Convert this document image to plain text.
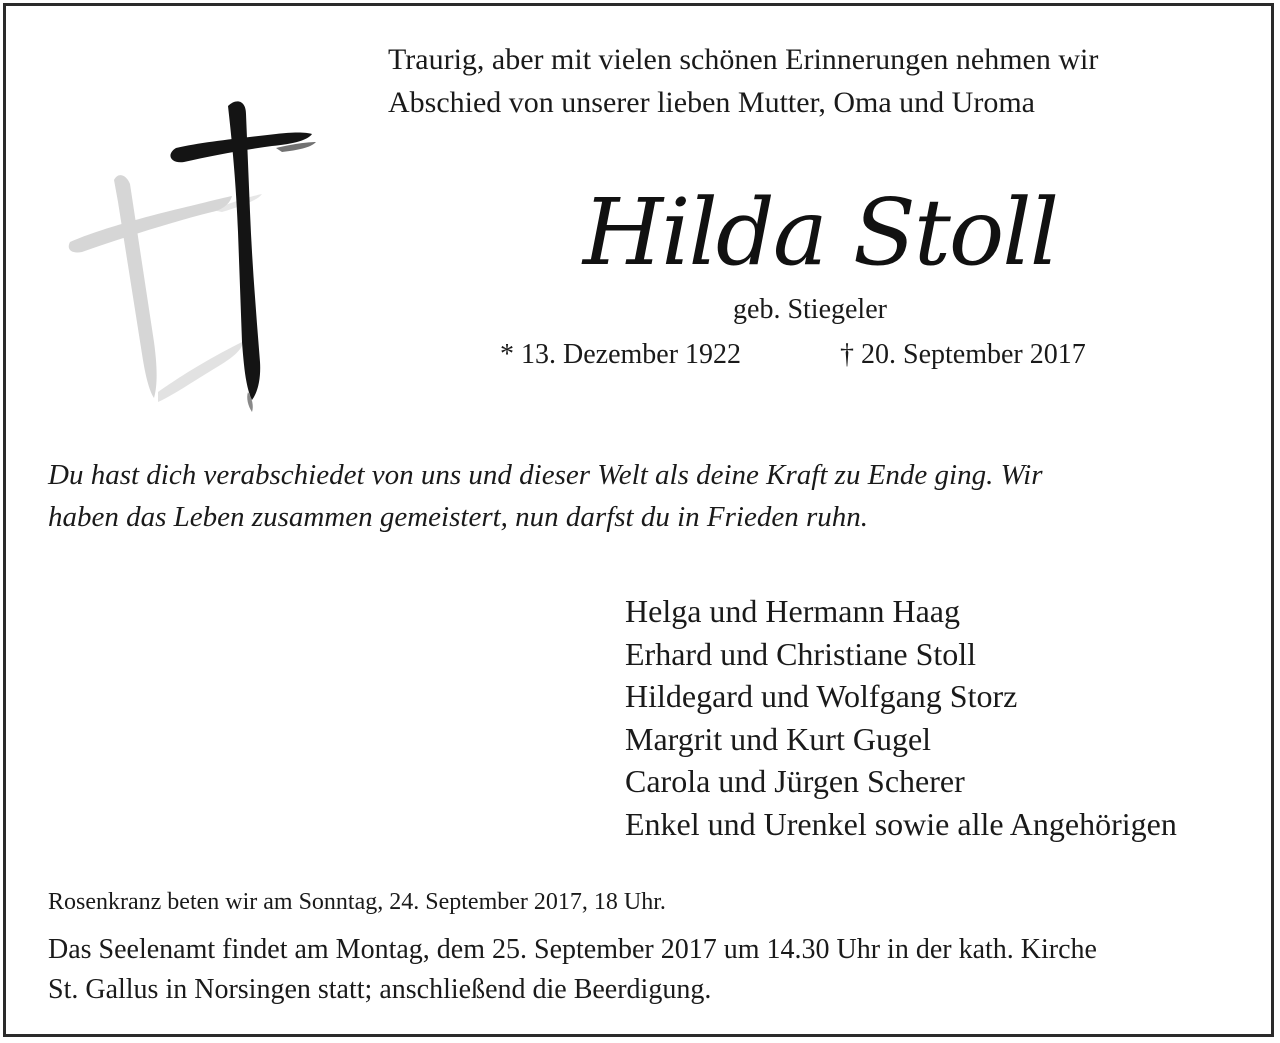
Traurig, aber mit vielen schönen Erinnerungen nehmen wir
Abschied von unserer lieben Mutter, Oma und Uroma
Hilda Stoll
geb. Stiegeler
* 13. Dezember 1922	† 20. September 2017
Du hast dich verabschiedet von uns und dieser Welt als deine Kraft zu Ende ging. Wir
haben das Leben zusammen gemeistert, nun darfst du in Frieden ruhn.
Helga und Hermann Haag
Erhard und Christiane Stoll
Hildegard und Wolfgang Storz
Margrit und Kurt Gugel
Carola und Jürgen Scherer
Enkel und Urenkel sowie alle Angehörigen
Rosenkranz beten wir am Sonntag, 24. September 2017, 18 Uhr.
Das Seelenamt findet am Montag, dem 25. September 2017 um 14.30 Uhr in der kath. Kirche
St. Gallus in Norsingen statt; anschließend die Beerdigung.
